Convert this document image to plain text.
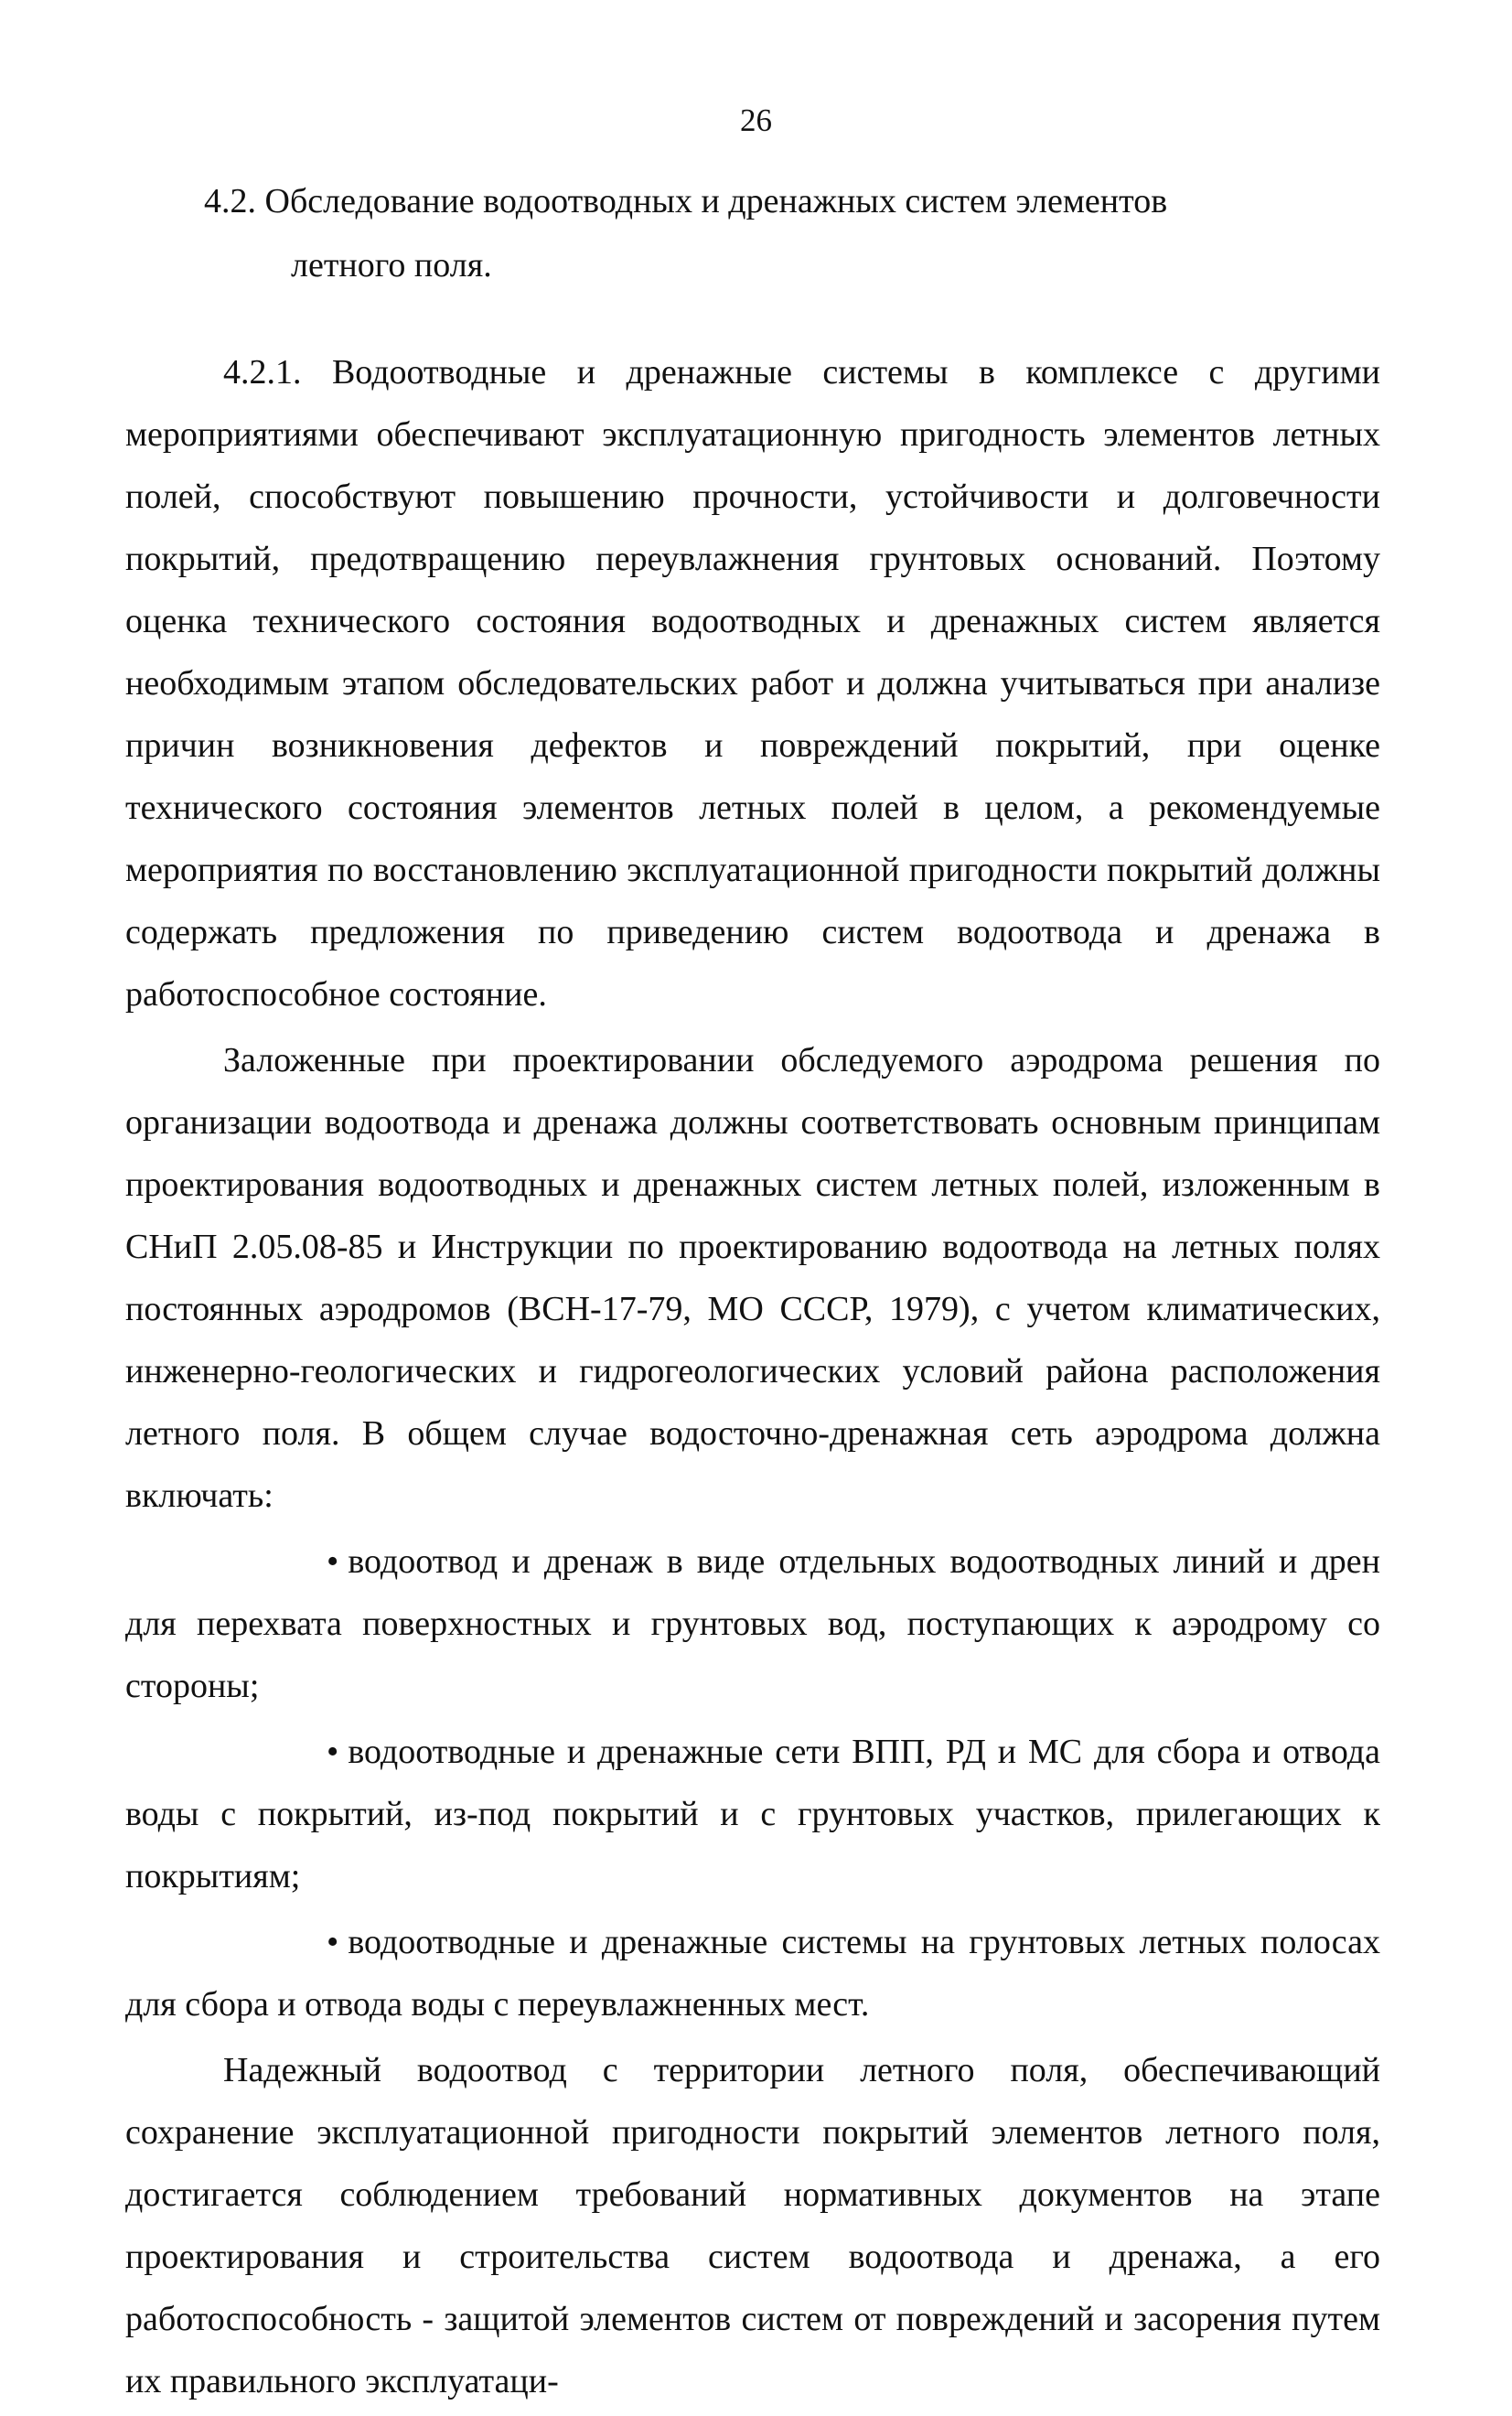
26
4.2. Обследование водоотводных и дренажных систем элементов
летного поля.

4.2.1. Водоотводные и дренажные системы в комплексе с другими мероприятиями обеспечивают эксплуатационную пригодность элементов летных полей, способствуют повышению прочности, устойчивости и долговечности покрытий, предотвращению переувлажнения грунтовых оснований. Поэтому оценка технического состояния водоотводных и дренажных систем является необходимым этапом обследовательских работ и должна учитываться при анализе причин возникновения дефектов и повреждений покрытий, при оценке технического состояния элементов летных полей в целом, а рекомендуемые мероприятия по восстановлению эксплуатационной пригодности покрытий должны содержать предложения по приведению систем водоотвода и дренажа в работоспособное состояние.

Заложенные при проектировании обследуемого аэродрома решения по организации водоотвода и дренажа должны соответствовать основным принципам проектирования водоотводных и дренажных систем летных полей, изложенным в СНиП 2.05.08-85 и Инструкции по проектированию водоотвода на летных полях постоянных аэродромов (ВСН-17-79, МО СССР, 1979), с учетом климатических, инженерно-геологических и гидрогеологических условий района расположения летного поля. В общем случае водосточно-дренажная сеть аэродрома должна включать:

• водоотвод и дренаж в виде отдельных водоотводных линий и дрен для перехвата поверхностных и грунтовых вод, поступающих к аэродрому со стороны;

• водоотводные и дренажные сети ВПП, РД и МС для сбора и отвода воды с покрытий, из-под покрытий и с грунтовых участков, прилегающих к покрытиям;

• водоотводные и дренажные системы на грунтовых летных полосах для сбора и отвода воды с переувлажненных мест.

Надежный водоотвод с территории летного поля, обеспечивающий сохранение эксплуатационной пригодности покрытий элементов летного поля, достигается соблюдением требований нормативных документов на этапе проектирования и строительства систем водоотвода и дренажа, а его работоспособность - защитой элементов систем от повреждений и засорения путем их правильного эксплуатаци-
